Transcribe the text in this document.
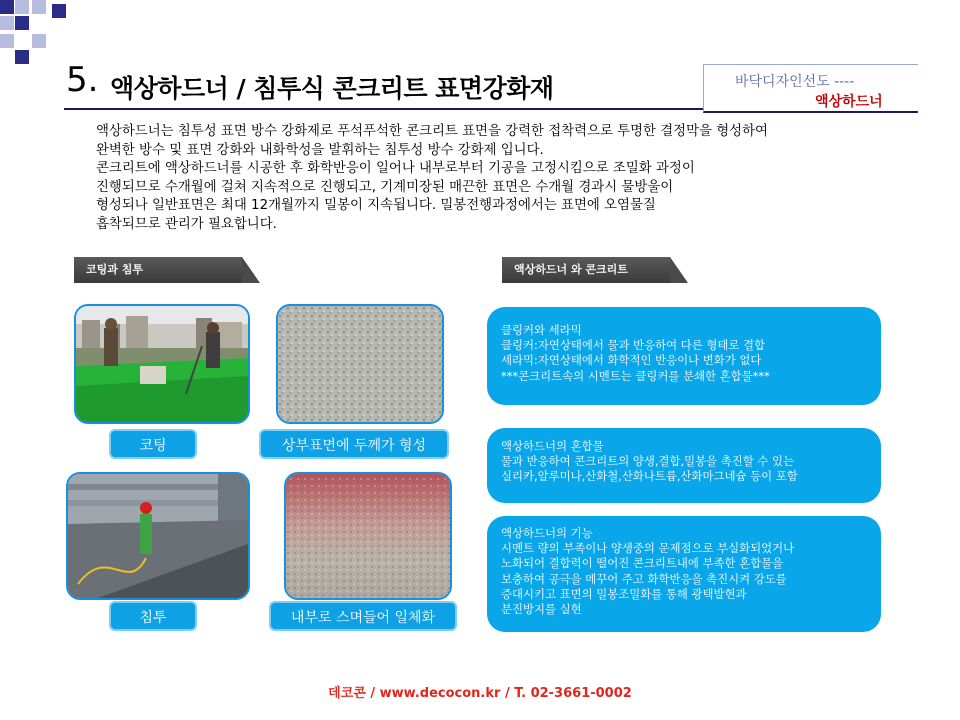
5. 액상하드너 / 침투식 콘크리트 표면강화재	바닥디자인선도 ----
액상하드너

액상하드너는 침투성 표면 방수 강화제로 푸석푸석한 콘크리트 표면을 강력한 접착력으로 투명한 결정막을 형성하여
완벽한 방수 및 표면 강화와 내화학성을 발휘하는 침투성 방수 강화제 입니다.
콘크리트에 액상하드너를 시공한 후 화학반응이 일어나 내부로부터 기공을 고정시킴으로 조밀화 과정이
진행되므로 수개월에 걸쳐 지속적으로 진행되고, 기계미장된 매끈한 표면은 수개월 경과시 물방울이
형성되나 일반표면은 최대 12개월까지 밀봉이 지속됩니다. 밀봉전행과정에서는 표면에 오염물질
흡착되므로 관리가 필요합니다.

코팅과 침투	액상하드너 와 콘크리트
코팅	상부표면에 두께가 형성
침투	내부로 스며들어 일체화
클링커와 세라믹
클링커:자연상태에서 물과 반응하여 다른 형태로 결합
세라믹:자연상태에서 화학적인 반응이나 변화가 없다
***콘크리트속의 시멘트는 클링커를 분쇄한 혼합물***
액상하드너의 혼합물
물과 반응하여 콘크리트의 양생,결합,밀봉을 촉진할 수 있는
실리카,알루미나,산화철,산화나트륨,산화마그네슘 등이 포함
액상하드너의 기능
시멘트 량의 부족이나 양생중의 문제점으로 부실화되었거나
노화되어 결합력이 떨어진 콘크리트내에 부족한 혼합물을
보충하여 공극을 메꾸어 주고 화학반응을 촉진시켜 강도를
증대시키고 표면의 밀봉조밀화를 통해 광택발현과
분진방지를 실현
데코콘 / www.decocon.kr / T. 02-3661-0002
